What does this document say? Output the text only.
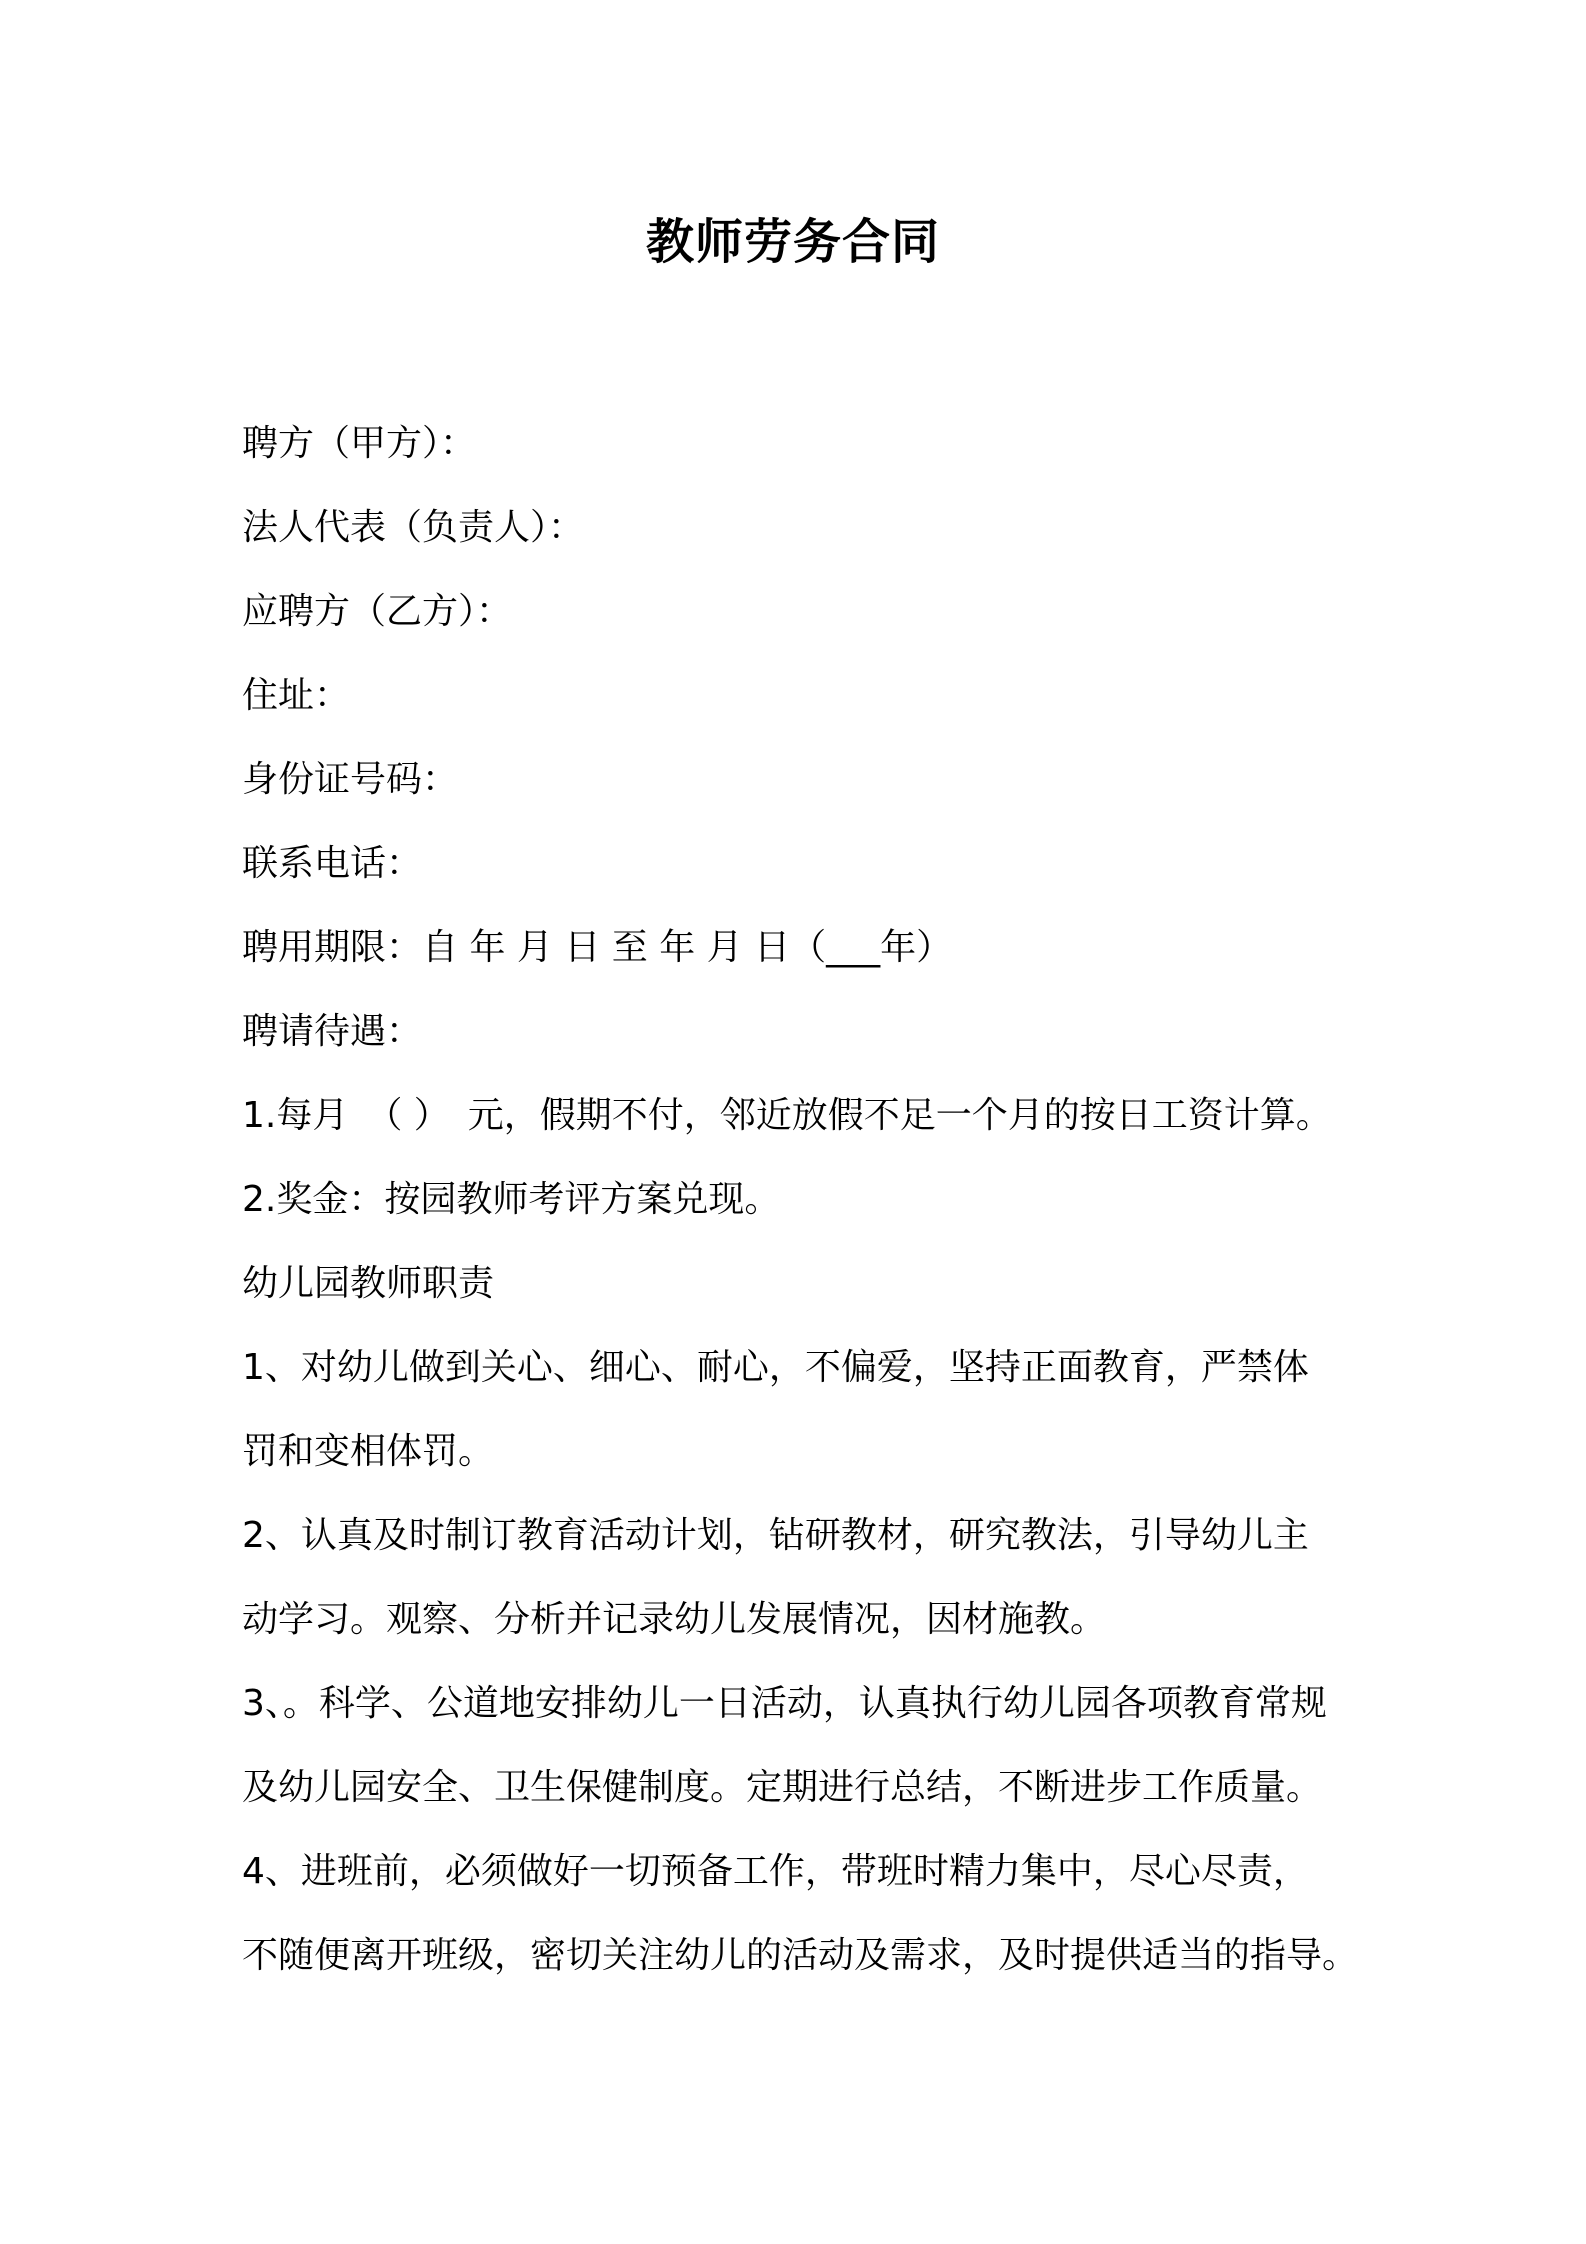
教师劳务合同
聘方（甲方）：
法人代表（负责人）：
应聘方（乙方）：
住址：
身份证号码：
联系电话：
聘用期限：自 年 月 日 至 年 月 日（___年）
聘请待遇：
1.每月　（ ）　元，假期不付，邻近放假不足一个月的按日工资计算。
2.奖金：按园教师考评方案兑现。
幼儿园教师职责
1、对幼儿做到关心、细心、耐心，不偏爱，坚持正面教育，严禁体
罚和变相体罚。
2、认真及时制订教育活动计划，钻研教材，研究教法，引导幼儿主
动学习。观察、分析并记录幼儿发展情况，因材施教。
3、。科学、公道地安排幼儿一日活动，认真执行幼儿园各项教育常规
及幼儿园安全、卫生保健制度。定期进行总结，不断进步工作质量。
4、进班前，必须做好一切预备工作，带班时精力集中，尽心尽责，
不随便离开班级，密切关注幼儿的活动及需求，及时提供适当的指导。
